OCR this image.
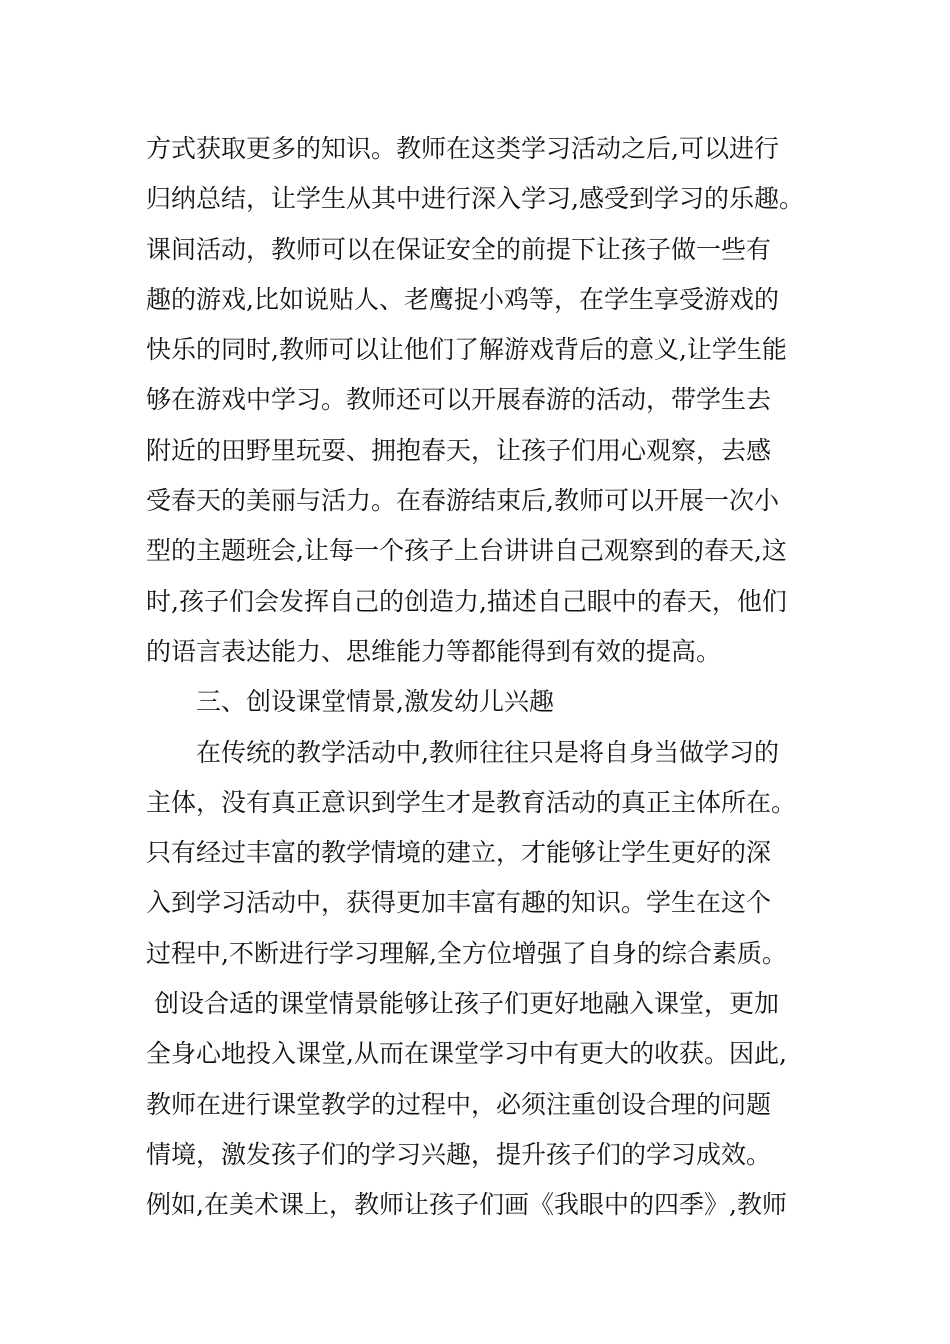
方式获取更多的知识。教师在这类学习活动之后,可以进行
归纳总结，让学生从其中进行深入学习,感受到学习的乐趣。
课间活动，教师可以在保证安全的前提下让孩子做一些有
趣的游戏,比如说贴人、老鹰捉小鸡等，在学生享受游戏的
快乐的同时,教师可以让他们了解游戏背后的意义,让学生能
够在游戏中学习。教师还可以开展春游的活动，带学生去
附近的田野里玩耍、拥抱春天，让孩子们用心观察，去感
受春天的美丽与活力。在春游结束后,教师可以开展一次小
型的主题班会,让每一个孩子上台讲讲自己观察到的春天,这
时,孩子们会发挥自己的创造力,描述自己眼中的春天，他们
的语言表达能力、思维能力等都能得到有效的提高。
三、创设课堂情景,激发幼儿兴趣
在传统的教学活动中,教师往往只是将自身当做学习的
主体，没有真正意识到学生才是教育活动的真正主体所在。
只有经过丰富的教学情境的建立，才能够让学生更好的深
入到学习活动中，获得更加丰富有趣的知识。学生在这个
过程中,不断进行学习理解,全方位增强了自身的综合素质。
创设合适的课堂情景能够让孩子们更好地融入课堂，更加
全身心地投入课堂,从而在课堂学习中有更大的收获。因此,
教师在进行课堂教学的过程中，必须注重创设合理的问题
情境，激发孩子们的学习兴趣，提升孩子们的学习成效。
例如,在美术课上，教师让孩子们画《我眼中的四季》,教师
